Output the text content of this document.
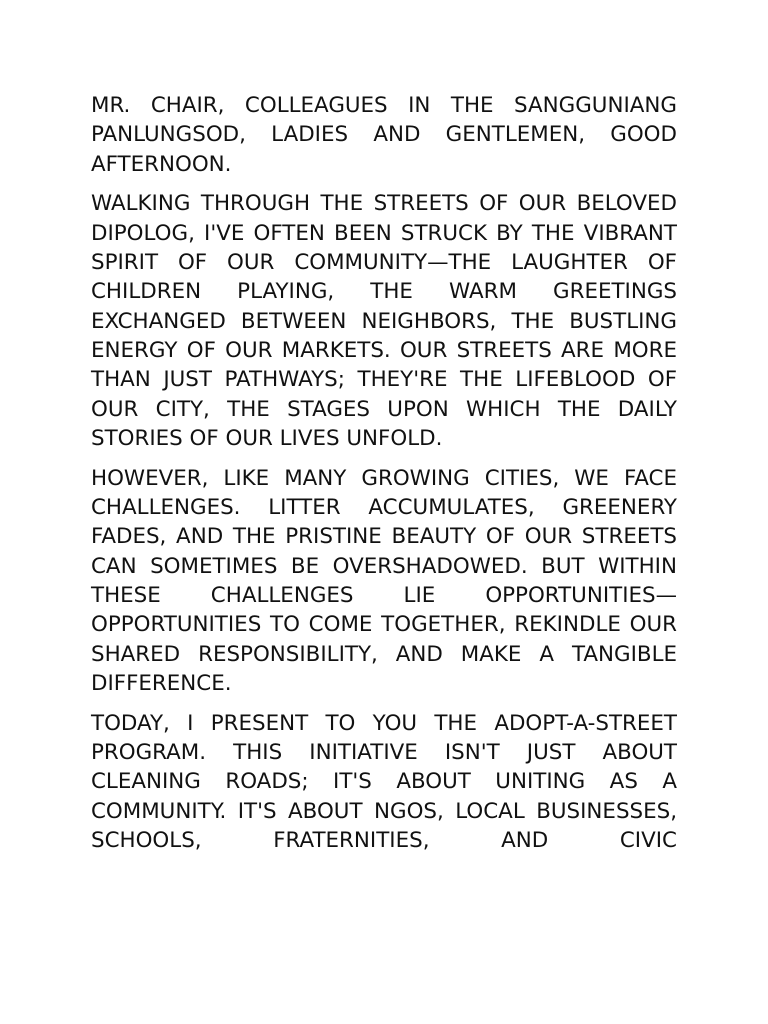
MR. CHAIR, COLLEAGUES IN THE SANGGUNIANG PANLUNGSOD, LADIES AND GENTLEMEN, GOOD AFTERNOON.

WALKING THROUGH THE STREETS OF OUR BELOVED DIPOLOG, I'VE OFTEN BEEN STRUCK BY THE VIBRANT SPIRIT OF OUR COMMUNITY—THE LAUGHTER OF CHILDREN PLAYING, THE WARM GREETINGS EXCHANGED BETWEEN NEIGHBORS, THE BUSTLING ENERGY OF OUR MARKETS. OUR STREETS ARE MORE THAN JUST PATHWAYS; THEY'RE THE LIFEBLOOD OF OUR CITY, THE STAGES UPON WHICH THE DAILY STORIES OF OUR LIVES UNFOLD.

HOWEVER, LIKE MANY GROWING CITIES, WE FACE CHALLENGES. LITTER ACCUMULATES, GREENERY FADES, AND THE PRISTINE BEAUTY OF OUR STREETS CAN SOMETIMES BE OVERSHADOWED. BUT WITHIN THESE CHALLENGES LIE OPPORTUNITIES—OPPORTUNITIES TO COME TOGETHER, REKINDLE OUR SHARED RESPONSIBILITY, AND MAKE A TANGIBLE DIFFERENCE.

TODAY, I PRESENT TO YOU THE ADOPT-A-STREET PROGRAM. THIS INITIATIVE ISN'T JUST ABOUT CLEANING ROADS; IT'S ABOUT UNITING AS A COMMUNITY. IT'S ABOUT NGOS, LOCAL BUSINESSES, SCHOOLS, FRATERNITIES, AND CIVIC
